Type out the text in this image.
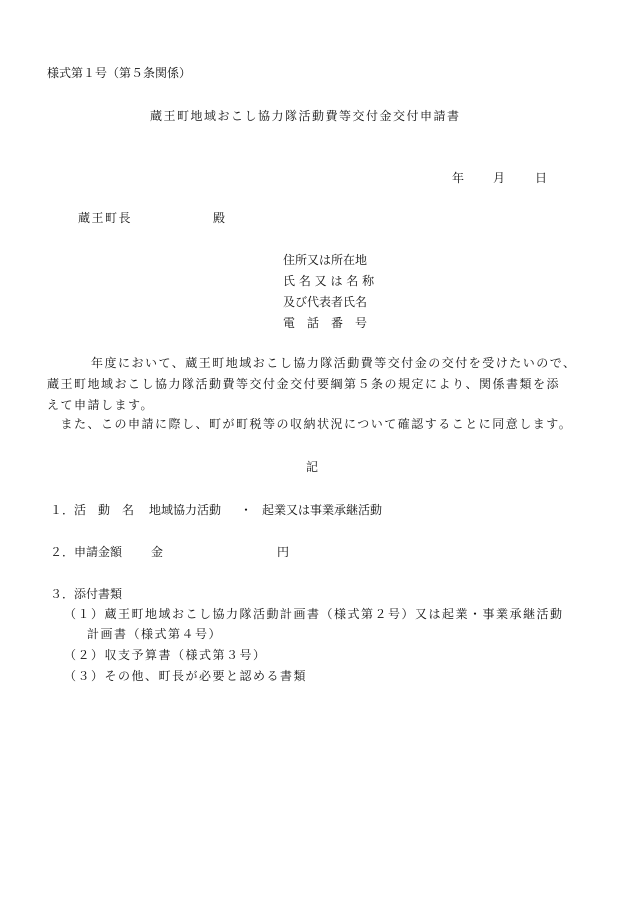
様式第１号（第５条関係）
蔵王町地域おこし協力隊活動費等交付金交付申請書
年 月 日
蔵王町長	殿
住所又は所在地
氏 名 又 は 名 称
及び代表者氏名
電　話　番　号
　　年度において、蔵王町地域おこし協力隊活動費等交付金の交付を受けたいので、
蔵王町地域おこし協力隊活動費等交付金交付要綱第５条の規定により、関係書類を添
えて申請します。
　また、この申請に際し、町が町税等の収納状況について確認することに同意します。
記
１．活　動　名 地域協力活動 ・ 起業又は事業承継活動
２．申請金額 金	円
３．添付書類
（１）蔵王町地域おこし協力隊活動計画書（様式第２号）又は起業・事業承継活動
計画書（様式第４号）
（２）収支予算書（様式第３号）
（３）その他、町長が必要と認める書類
